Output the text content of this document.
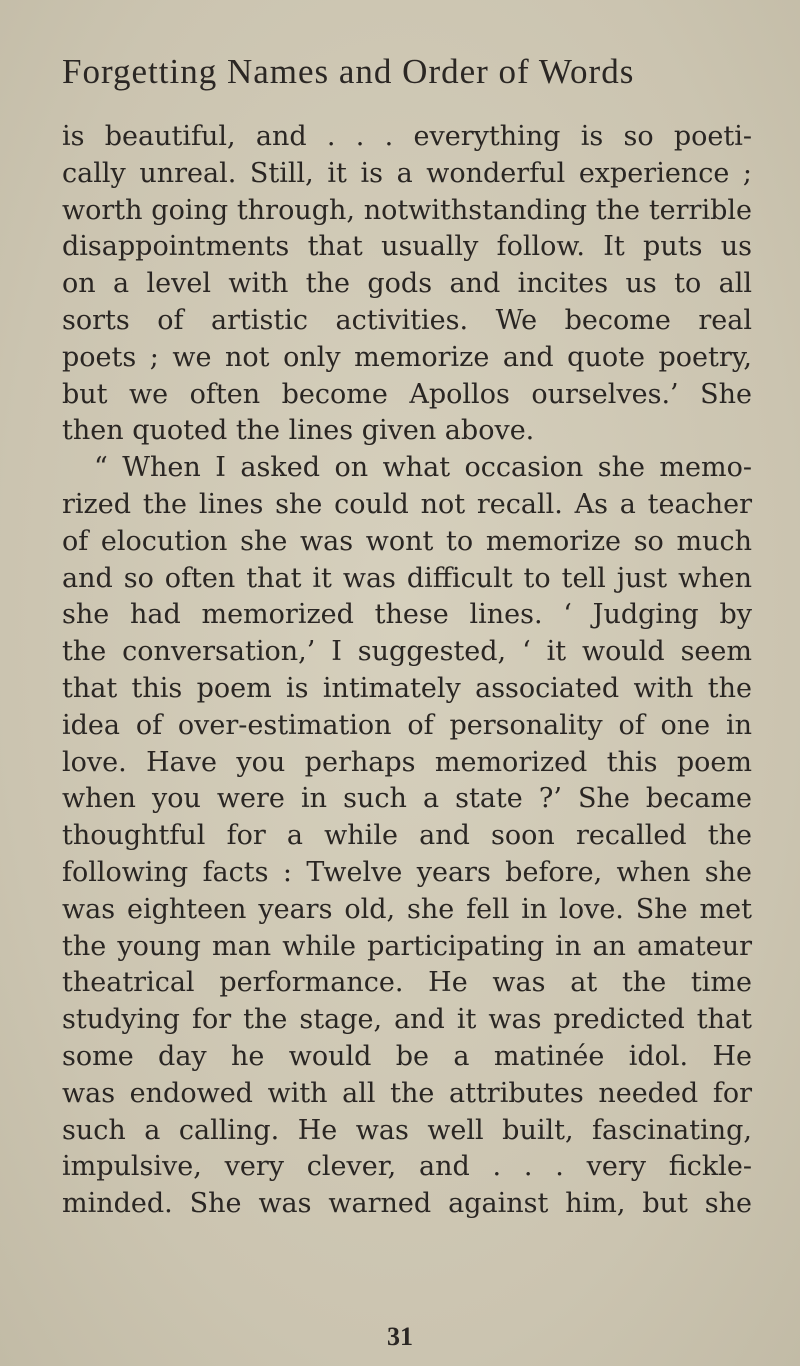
Forgetting Names and Order of Words
is beautiful, and . . . everything is so poeti-
cally unreal. Still, it is a wonderful experience ;
worth going through, notwithstanding the terrible
disappointments that usually follow. It puts us
on a level with the gods and incites us to all
sorts of artistic activities. We become real
poets ; we not only memorize and quote poetry,
but we often become Apollos ourselves.’ She
then quoted the lines given above.
“ When I asked on what occasion she memo-
rized the lines she could not recall. As a teacher
of elocution she was wont to memorize so much
and so often that it was difficult to tell just when
she had memorized these lines. ‘ Judging by
the conversation,’ I suggested, ‘ it would seem
that this poem is intimately associated with the
idea of over-estimation of personality of one in
love. Have you perhaps memorized this poem
when you were in such a state ?’ She became
thoughtful for a while and soon recalled the
following facts : Twelve years before, when she
was eighteen years old, she fell in love. She met
the young man while participating in an amateur
theatrical performance. He was at the time
studying for the stage, and it was predicted that
some day he would be a matinée idol. He
was endowed with all the attributes needed for
such a calling. He was well built, fascinating,
impulsive, very clever, and . . . very fickle-
minded. She was warned against him, but she
31
